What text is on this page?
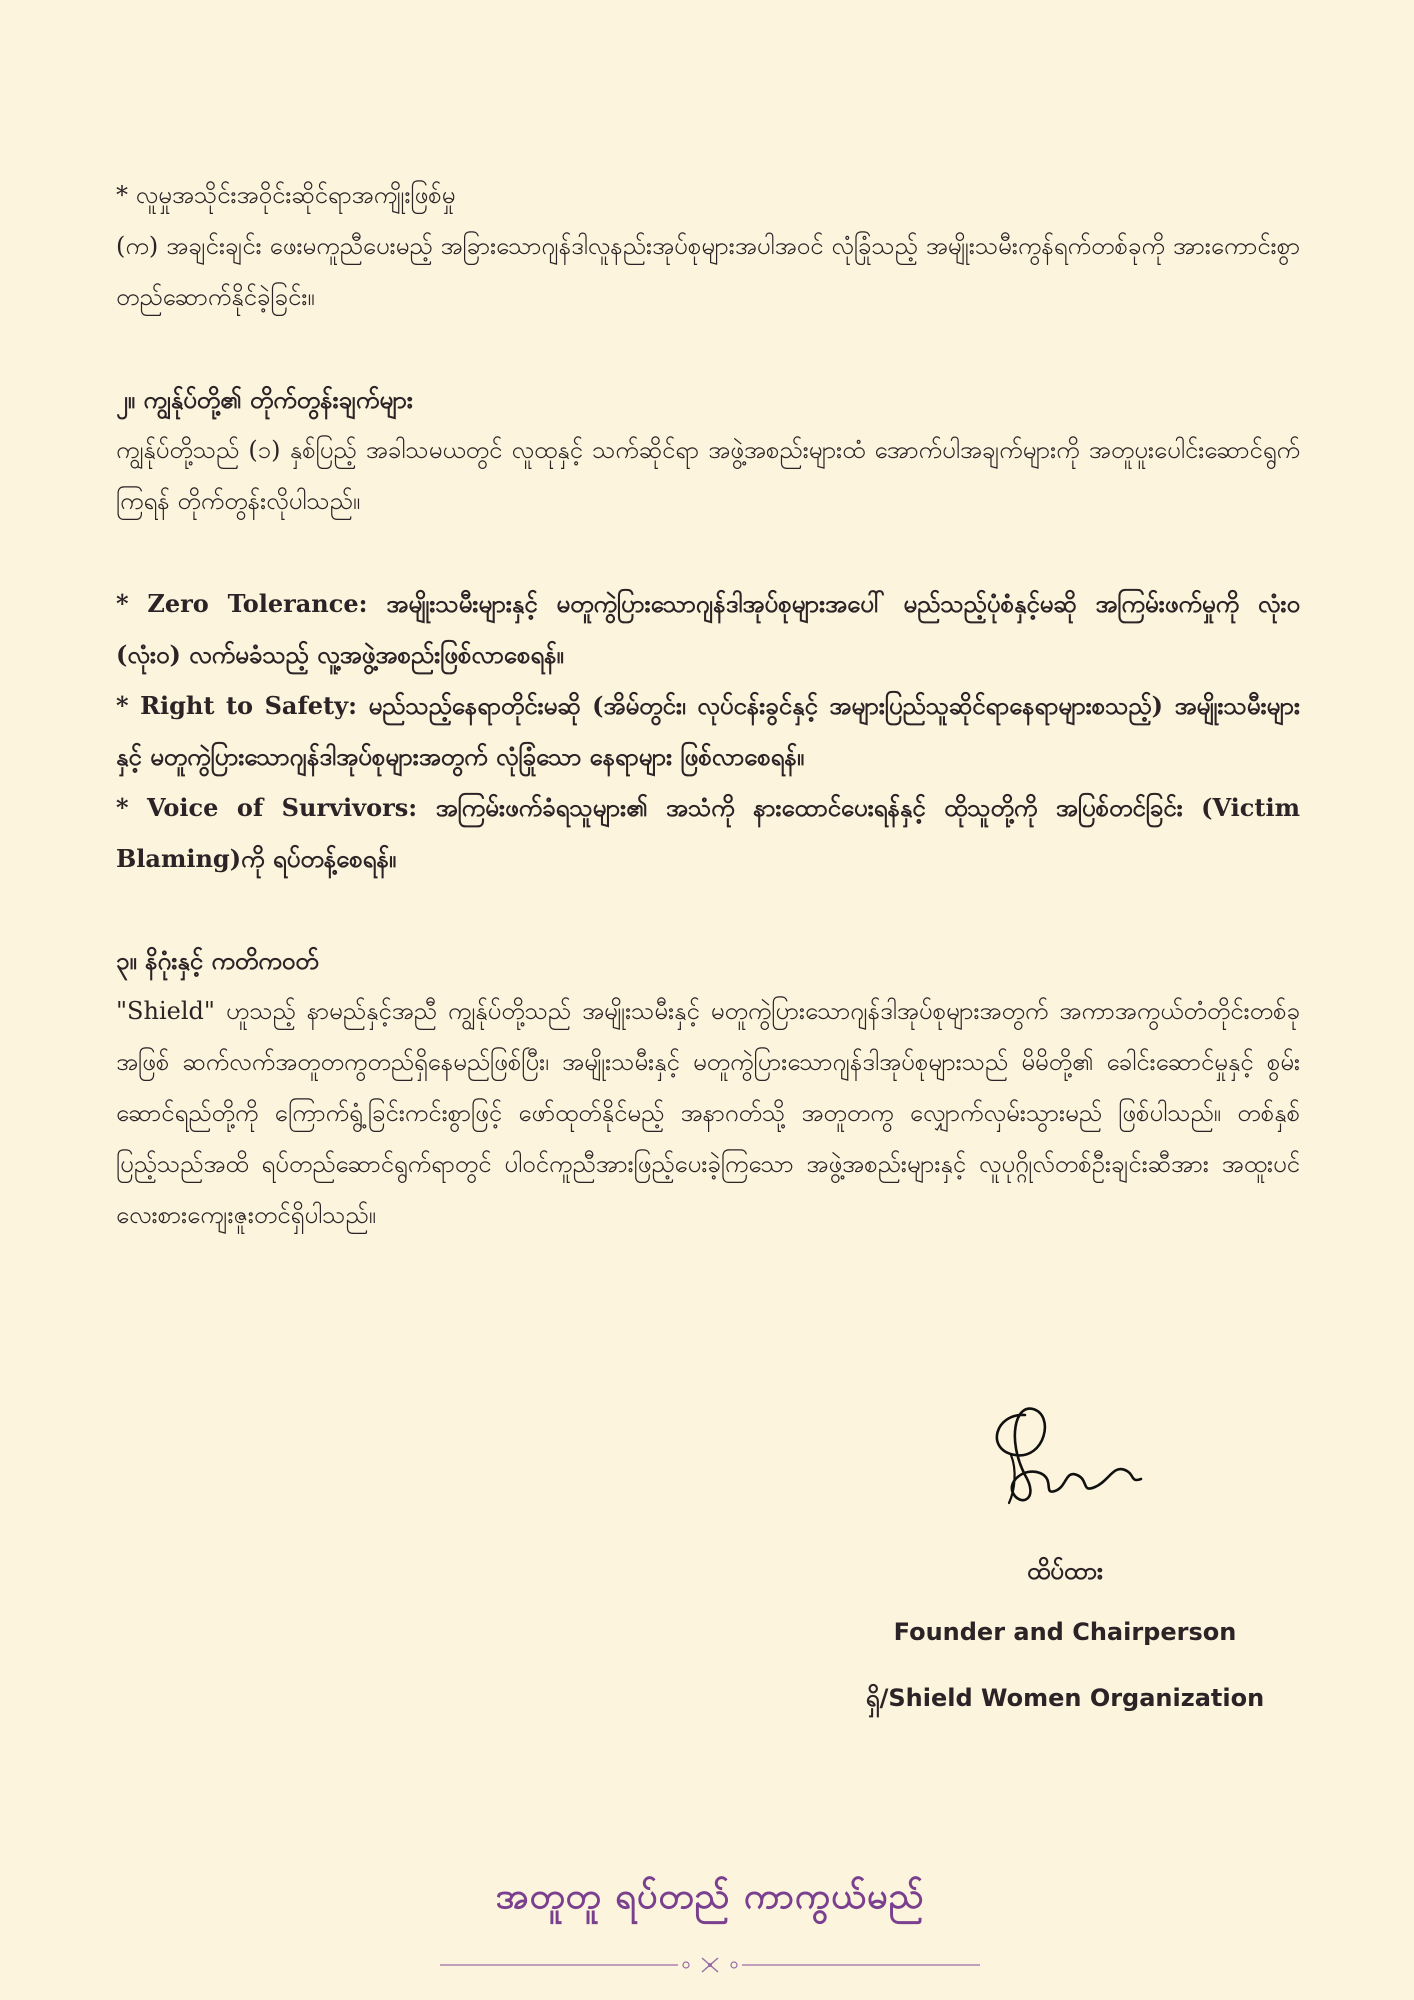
* လူမှုအသိုင်းအဝိုင်းဆိုင်ရာအကျိုးဖြစ်မှု

(က) အချင်းချင်း ဖေးမကူညီပေးမည့် အခြားသောဂျန်ဒါလူနည်းအုပ်စုများအပါအဝင် လုံခြုံသည့် အမျိုးသမီးကွန်ရက်တစ်ခုကို အားကောင်းစွာ တည်ဆောက်နိုင်ခဲ့ခြင်း။

၂။ ကျွန်ုပ်တို့၏ တိုက်တွန်းချက်များ

ကျွန်ုပ်တို့သည် (၁) နှစ်ပြည့် အခါသမယတွင် လူထုနှင့် သက်ဆိုင်ရာ အဖွဲ့အစည်းများထံ အောက်ပါအချက်များကို အတူပူးပေါင်းဆောင်ရွက်ကြရန် တိုက်တွန်းလိုပါသည်။

* Zero Tolerance: အမျိုးသမီးများနှင့် မတူကွဲပြားသောဂျန်ဒါအုပ်စုများအပေါ် မည်သည့်ပုံစံနှင့်မဆို အကြမ်းဖက်မှုကို လုံး၀ (လုံး၀) လက်မခံသည့် လူ့အဖွဲ့အစည်းဖြစ်လာစေရန်။

* Right to Safety: မည်သည့်နေရာတိုင်းမဆို (အိမ်တွင်း၊ လုပ်ငန်းခွင်နှင့် အများပြည်သူဆိုင်ရာနေရာများစသည့်) အမျိုးသမီးများနှင့် မတူကွဲပြားသောဂျန်ဒါအုပ်စုများအတွက် လုံခြုံသော နေရာများ ဖြစ်လာစေရန်။

* Voice of Survivors: အကြမ်းဖက်ခံရသူများ၏ အသံကို နားထောင်ပေးရန်နှင့် ထိုသူတို့ကို အပြစ်တင်ခြင်း (Victim Blaming)ကို ရပ်တန့်စေရန်။

၃။ နိဂုံးနှင့် ကတိကဝတ်

"Shield" ဟူသည့် နာမည်နှင့်အညီ ကျွန်ုပ်တို့သည် အမျိုးသမီးနှင့် မတူကွဲပြားသောဂျန်ဒါအုပ်စုများအတွက် အကာအကွယ်တံတိုင်းတစ်ခုအဖြစ် ဆက်လက်အတူတကွတည်ရှိနေမည်ဖြစ်ပြီး၊ အမျိုးသမီးနှင့် မတူကွဲပြားသောဂျန်ဒါအုပ်စုများသည် မိမိတို့၏ ခေါင်းဆောင်မှုနှင့် စွမ်းဆောင်ရည်တို့ကို ကြောက်ရွံ့ခြင်းကင်းစွာဖြင့် ဖော်ထုတ်နိုင်မည့် အနာဂတ်သို့ အတူတကွ လျှောက်လှမ်းသွားမည် ဖြစ်ပါသည်။ တစ်နှစ်ပြည့်သည်အထိ ရပ်တည်ဆောင်ရွက်ရာတွင် ပါဝင်ကူညီအားဖြည့်ပေးခဲ့ကြသော အဖွဲ့အစည်းများနှင့် လူပုဂ္ဂိုလ်တစ်ဦးချင်းဆီအား အထူးပင်လေးစားကျေးဇူးတင်ရှိပါသည်။

ထိပ်ထား
Founder and Chairperson
ရှိ/Shield Women Organization
အတူတူ ရပ်တည် ကာကွယ်မည်
